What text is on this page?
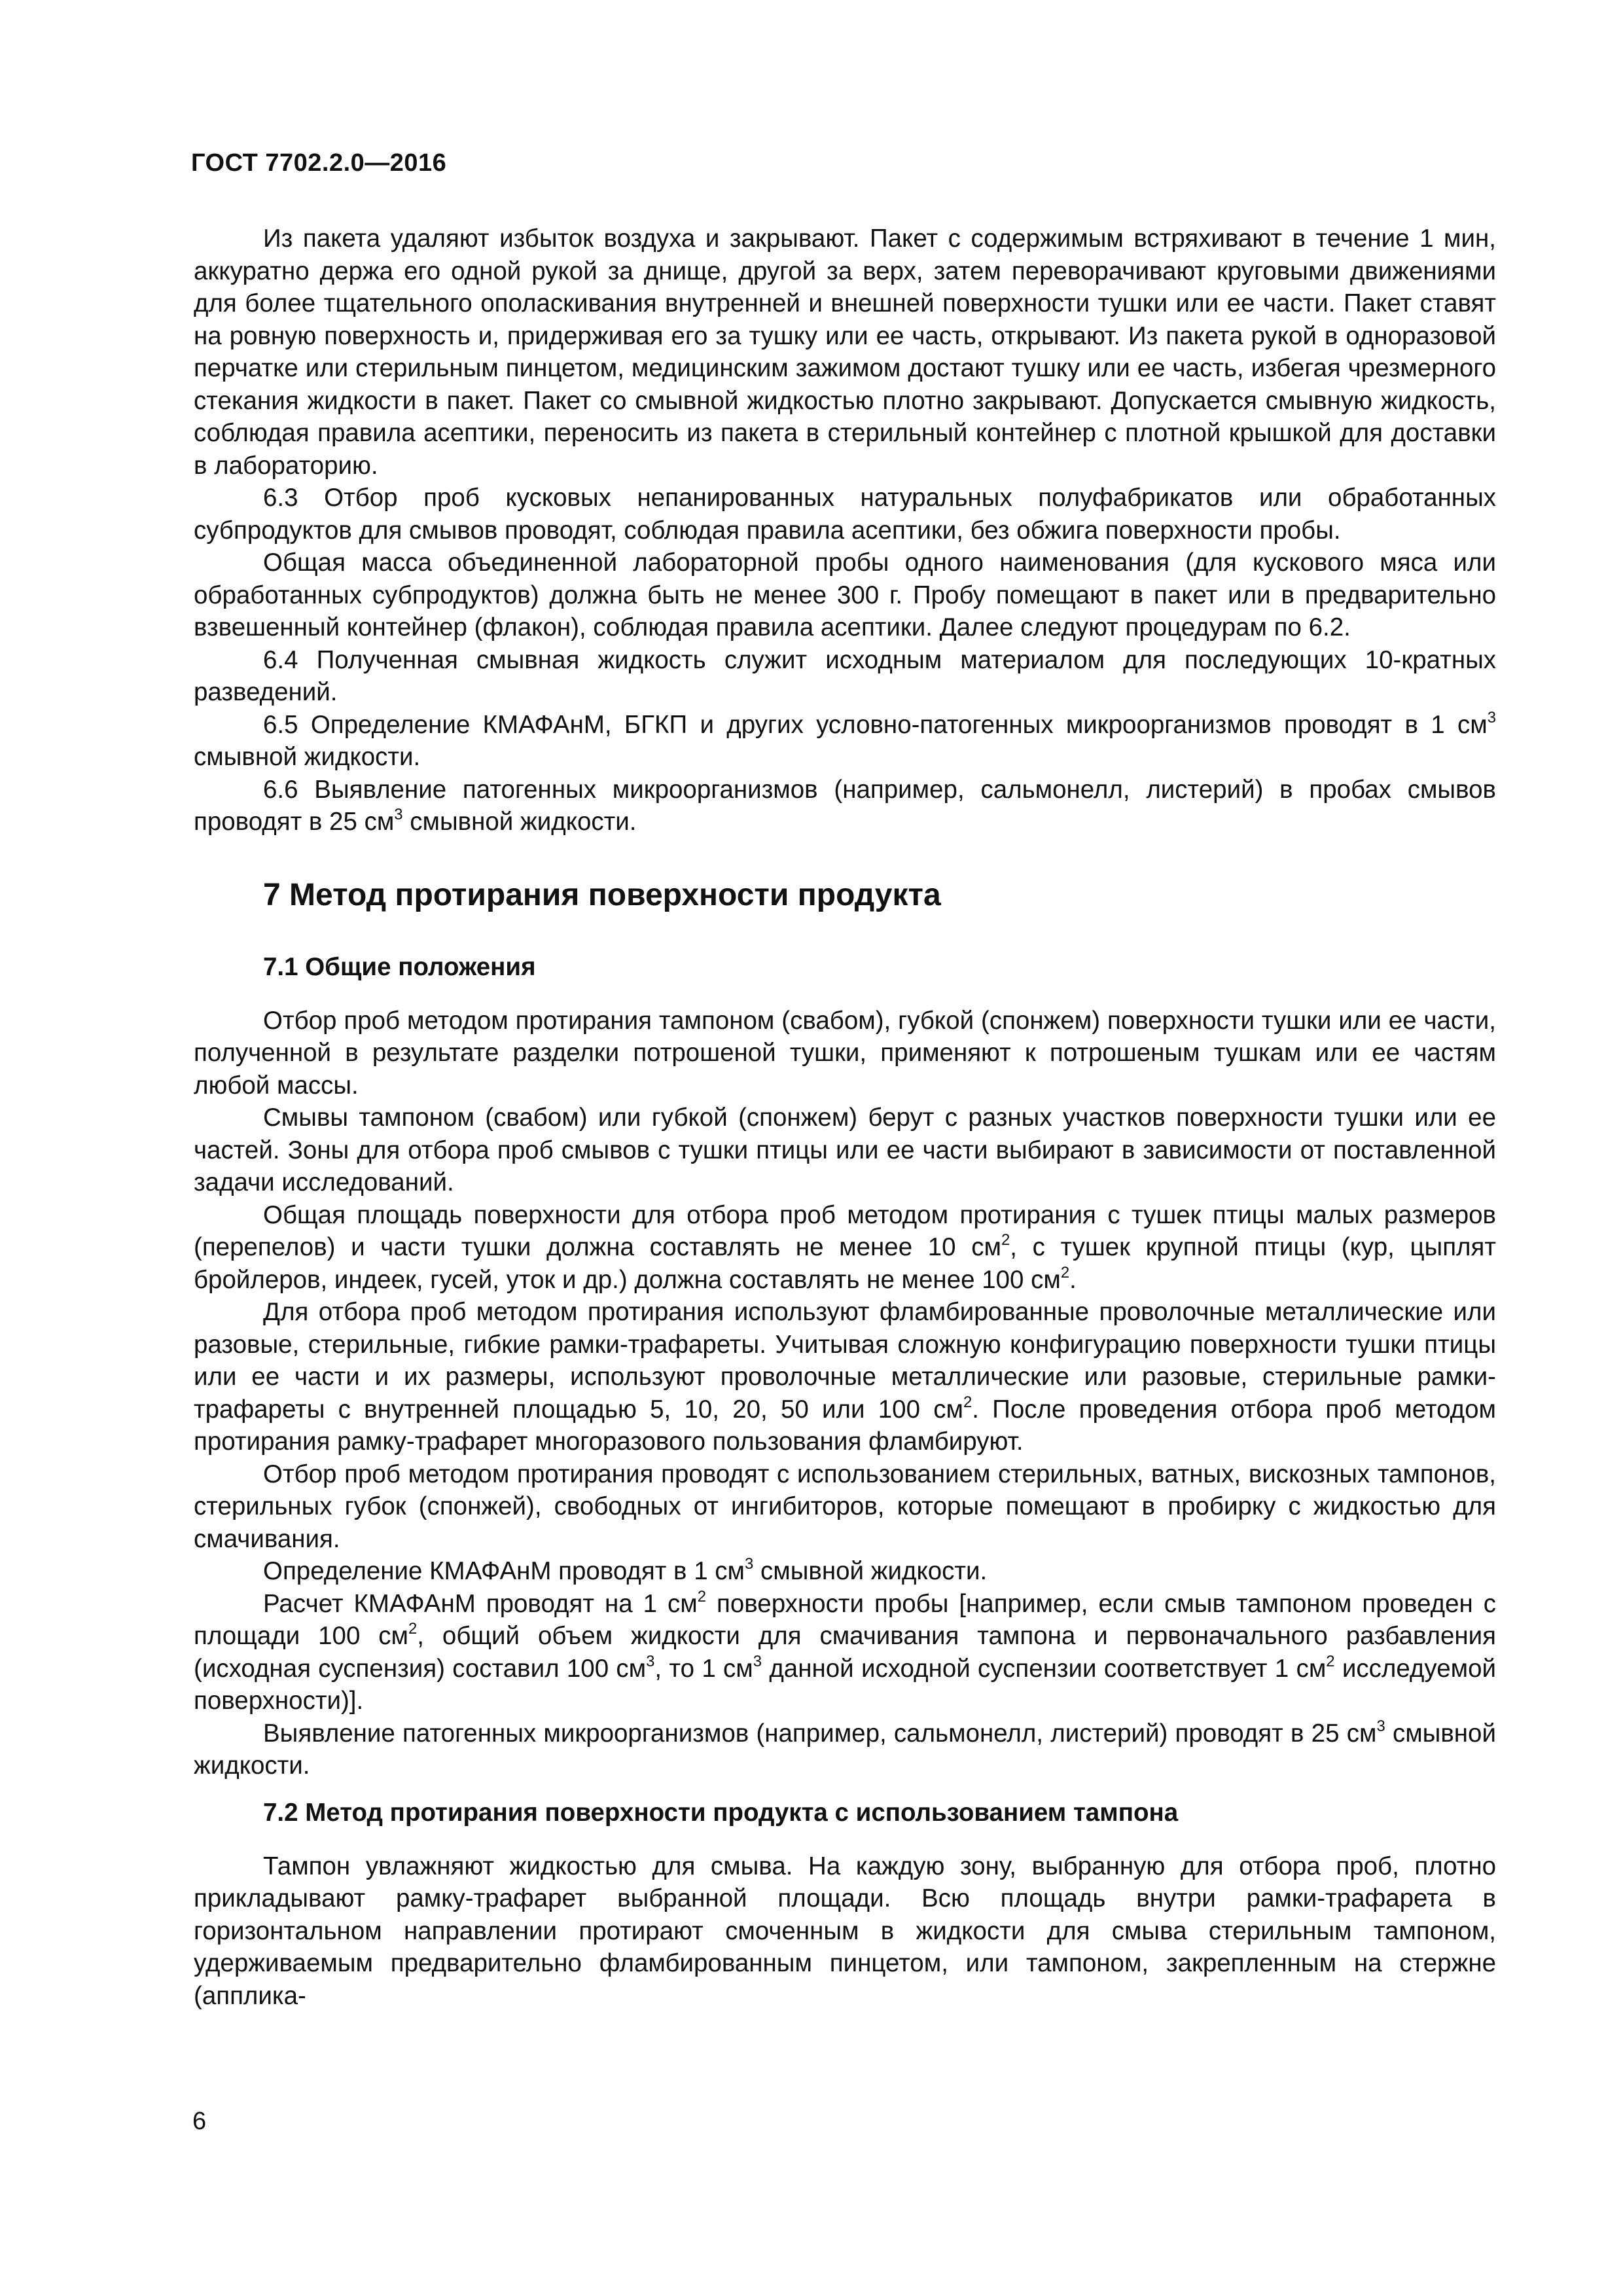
ГОСТ 7702.2.0—2016

Из пакета удаляют избыток воздуха и закрывают. Пакет с содержимым встряхивают в течение 1 мин, аккуратно держа его одной рукой за днище, другой за верх, затем переворачивают круговыми движениями для более тщательного ополаскивания внутренней и внешней поверхности тушки или ее части. Пакет ставят на ровную поверхность и, придерживая его за тушку или ее часть, открывают. Из пакета рукой в одноразовой перчатке или стерильным пинцетом, медицинским зажимом достают тушку или ее часть, избегая чрезмерного стекания жидкости в пакет. Пакет со смывной жидкостью плотно закрывают. Допускается смывную жидкость, соблюдая правила асептики, переносить из пакета в стерильный контейнер с плотной крышкой для доставки в лабораторию.

6.3 Отбор проб кусковых непанированных натуральных полуфабрикатов или обработанных субпродуктов для смывов проводят, соблюдая правила асептики, без обжига поверхности пробы.

Общая масса объединенной лабораторной пробы одного наименования (для кускового мяса или обработанных субпродуктов) должна быть не менее 300 г. Пробу помещают в пакет или в предварительно взвешенный контейнер (флакон), соблюдая правила асептики. Далее следуют процедурам по 6.2.

6.4 Полученная смывная жидкость служит исходным материалом для последующих 10-кратных разведений.

6.5 Определение КМАФАнМ, БГКП и других условно-патогенных микроорганизмов проводят в 1 $см^3$ смывной жидкости.

6.6 Выявление патогенных микроорганизмов (например, сальмонелл, листерий) в пробах смывов проводят в 25 $см^3$ смывной жидкости.

7 Метод протирания поверхности продукта
7.1 Общие положения

Отбор проб методом протирания тампоном (свабом), губкой (спонжем) поверхности тушки или ее части, полученной в результате разделки потрошеной тушки, применяют к потрошеным тушкам или ее частям любой массы.

Смывы тампоном (свабом) или губкой (спонжем) берут с разных участков поверхности тушки или ее частей. Зоны для отбора проб смывов с тушки птицы или ее части выбирают в зависимости от поставленной задачи исследований.

Общая площадь поверхности для отбора проб методом протирания с тушек птицы малых размеров (перепелов) и части тушки должна составлять не менее 10 $см^2$, с тушек крупной птицы (кур, цыплят бройлеров, индеек, гусей, уток и др.) должна составлять не менее 100 $см^2$.

Для отбора проб методом протирания используют фламбированные проволочные металлические или разовые, стерильные, гибкие рамки-трафареты. Учитывая сложную конфигурацию поверхности тушки птицы или ее части и их размеры, используют проволочные металлические или разовые, стерильные рамки-трафареты с внутренней площадью 5, 10, 20, 50 или 100 $см^2$. После проведения отбора проб методом протирания рамку-трафарет многоразового пользования фламбируют.

Отбор проб методом протирания проводят с использованием стерильных, ватных, вискозных тампонов, стерильных губок (спонжей), свободных от ингибиторов, которые помещают в пробирку с жидкостью для смачивания.

Определение КМАФАнМ проводят в 1 $см^3$ смывной жидкости.

Расчет КМАФАнМ проводят на 1 $см^2$ поверхности пробы [например, если смыв тампоном проведен с площади 100 $см^2$, общий объем жидкости для смачивания тампона и первоначального разбавления (исходная суспензия) составил 100 $см^3$, то 1 $см^3$ данной исходной суспензии соответствует 1 $см^2$ исследуемой поверхности)].

Выявление патогенных микроорганизмов (например, сальмонелл, листерий) проводят в 25 $см^3$ смывной жидкости.

7.2 Метод протирания поверхности продукта с использованием тампона

Тампон увлажняют жидкостью для смыва. На каждую зону, выбранную для отбора проб, плотно прикладывают рамку-трафарет выбранной площади. Всю площадь внутри рамки-трафарета в горизонтальном направлении протирают смоченным в жидкости для смыва стерильным тампоном, удерживаемым предварительно фламбированным пинцетом, или тампоном, закрепленным на стержне (апплика-

6
